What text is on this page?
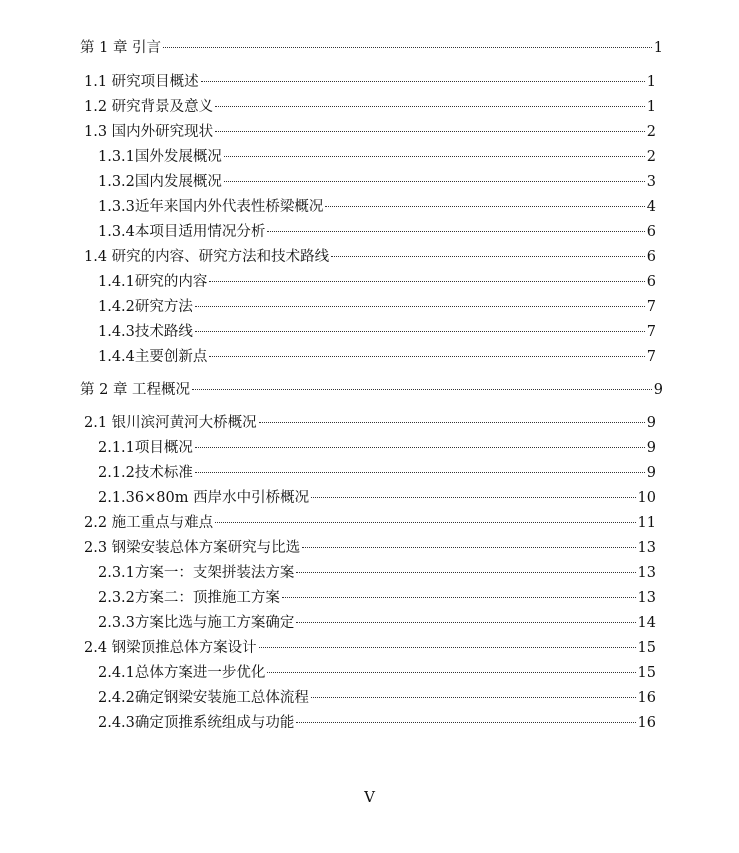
第 1 章 引言	1
1.1 研究项目概述	1
1.2 研究背景及意义	1
1.3 国内外研究现状	2
1.3.1国外发展概况	2
1.3.2国内发展概况	3
1.3.3近年来国内外代表性桥梁概况	4
1.3.4本项目适用情况分析	6
1.4 研究的内容、研究方法和技术路线	6
1.4.1研究的内容	6
1.4.2研究方法	7
1.4.3技术路线	7
1.4.4主要创新点	7
第 2 章 工程概况	9
2.1 银川滨河黄河大桥概况	9
2.1.1项目概况	9
2.1.2技术标准	9
2.1.36×80m 西岸水中引桥概况	10
2.2 施工重点与难点	11
2.3 钢梁安装总体方案研究与比选	13
2.3.1方案一：支架拼装法方案	13
2.3.2方案二：顶推施工方案	13
2.3.3方案比选与施工方案确定	14
2.4 钢梁顶推总体方案设计	15
2.4.1总体方案进一步优化	15
2.4.2确定钢梁安装施工总体流程	16
2.4.3确定顶推系统组成与功能	16
V
